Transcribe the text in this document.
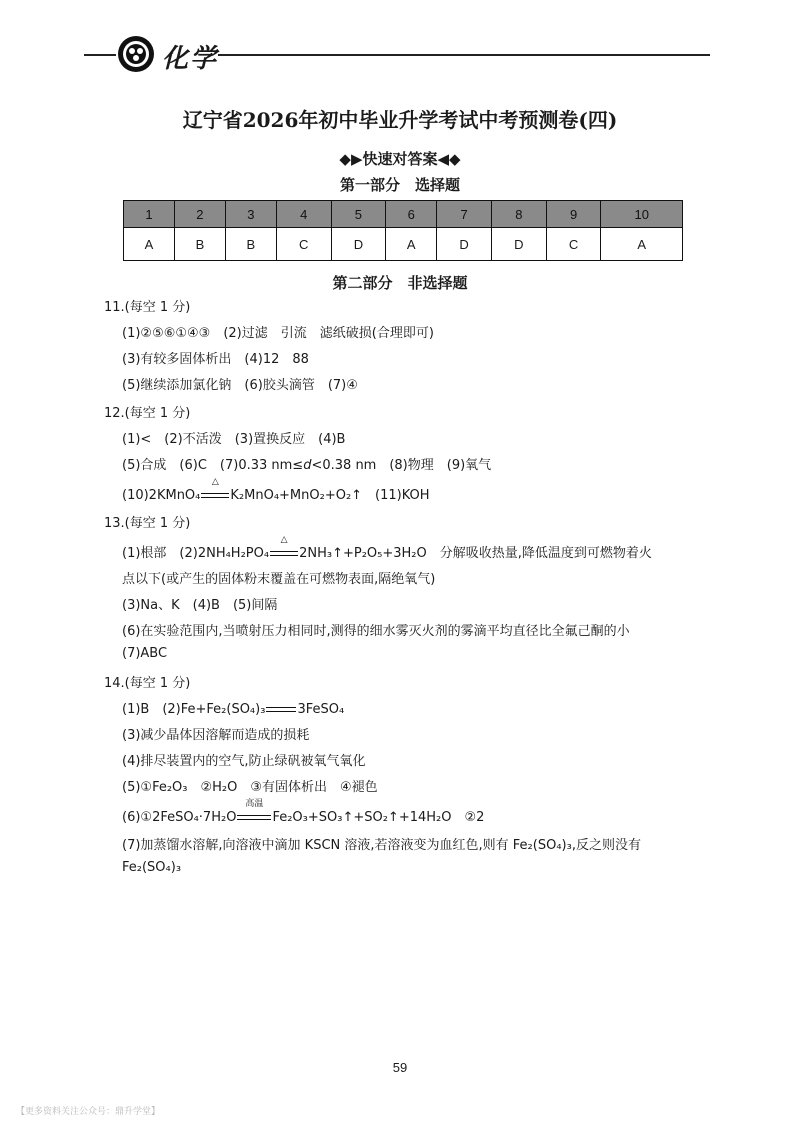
化学
辽宁省2026年初中毕业升学考试中考预测卷(四)
◆▶快速对答案◀◆
第一部分　选择题
1	2	3	4	5	6	7	8	9	10
A	B	B	C	D	A	D	D	C	A
第二部分　非选择题
11.(每空 1 分)
(1)②⑤⑥①④③　(2)过滤　引流　滤纸破损(合理即可)
(3)有较多固体析出　(4)12　88
(5)继续添加氯化钠　(6)胶头滴管　(7)④
12.(每空 1 分)
(1)<　(2)不活泼　(3)置换反应　(4)B
(5)合成　(6)C　(7)0.33 nm≤d<0.38 nm　(8)物理　(9)氧气
(10)2KMnO₄
△
K₂MnO₄+MnO₂+O₂↑　(11)KOH
13.(每空 1 分)
(1)根部　(2)2NH₄H₂PO₄
△
2NH₃↑+P₂O₅+3H₂O　分解吸收热量,降低温度到可燃物着火
点以下(或产生的固体粉末覆盖在可燃物表面,隔绝氧气)
(3)Na、K　(4)B　(5)间隔
(6)在实验范围内,当喷射压力相同时,测得的细水雾灭火剂的雾滴平均直径比全氟己酮的小
(7)ABC
14.(每空 1 分)
(1)B　(2)Fe+Fe₂(SO₄)₃ 3FeSO₄
(3)减少晶体因溶解而造成的损耗
(4)排尽装置内的空气,防止绿矾被氧气氧化
(5)①Fe₂O₃　②H₂O　③有固体析出　④褪色
(6)①2FeSO₄·7H₂O
高温
Fe₂O₃+SO₃↑+SO₂↑+14H₂O　②2
(7)加蒸馏水溶解,向溶液中滴加 KSCN 溶液,若溶液变为血红色,则有 Fe₂(SO₄)₃,反之则没有
Fe₂(SO₄)₃
59
【更多资料关注公众号：鼎升学堂】
